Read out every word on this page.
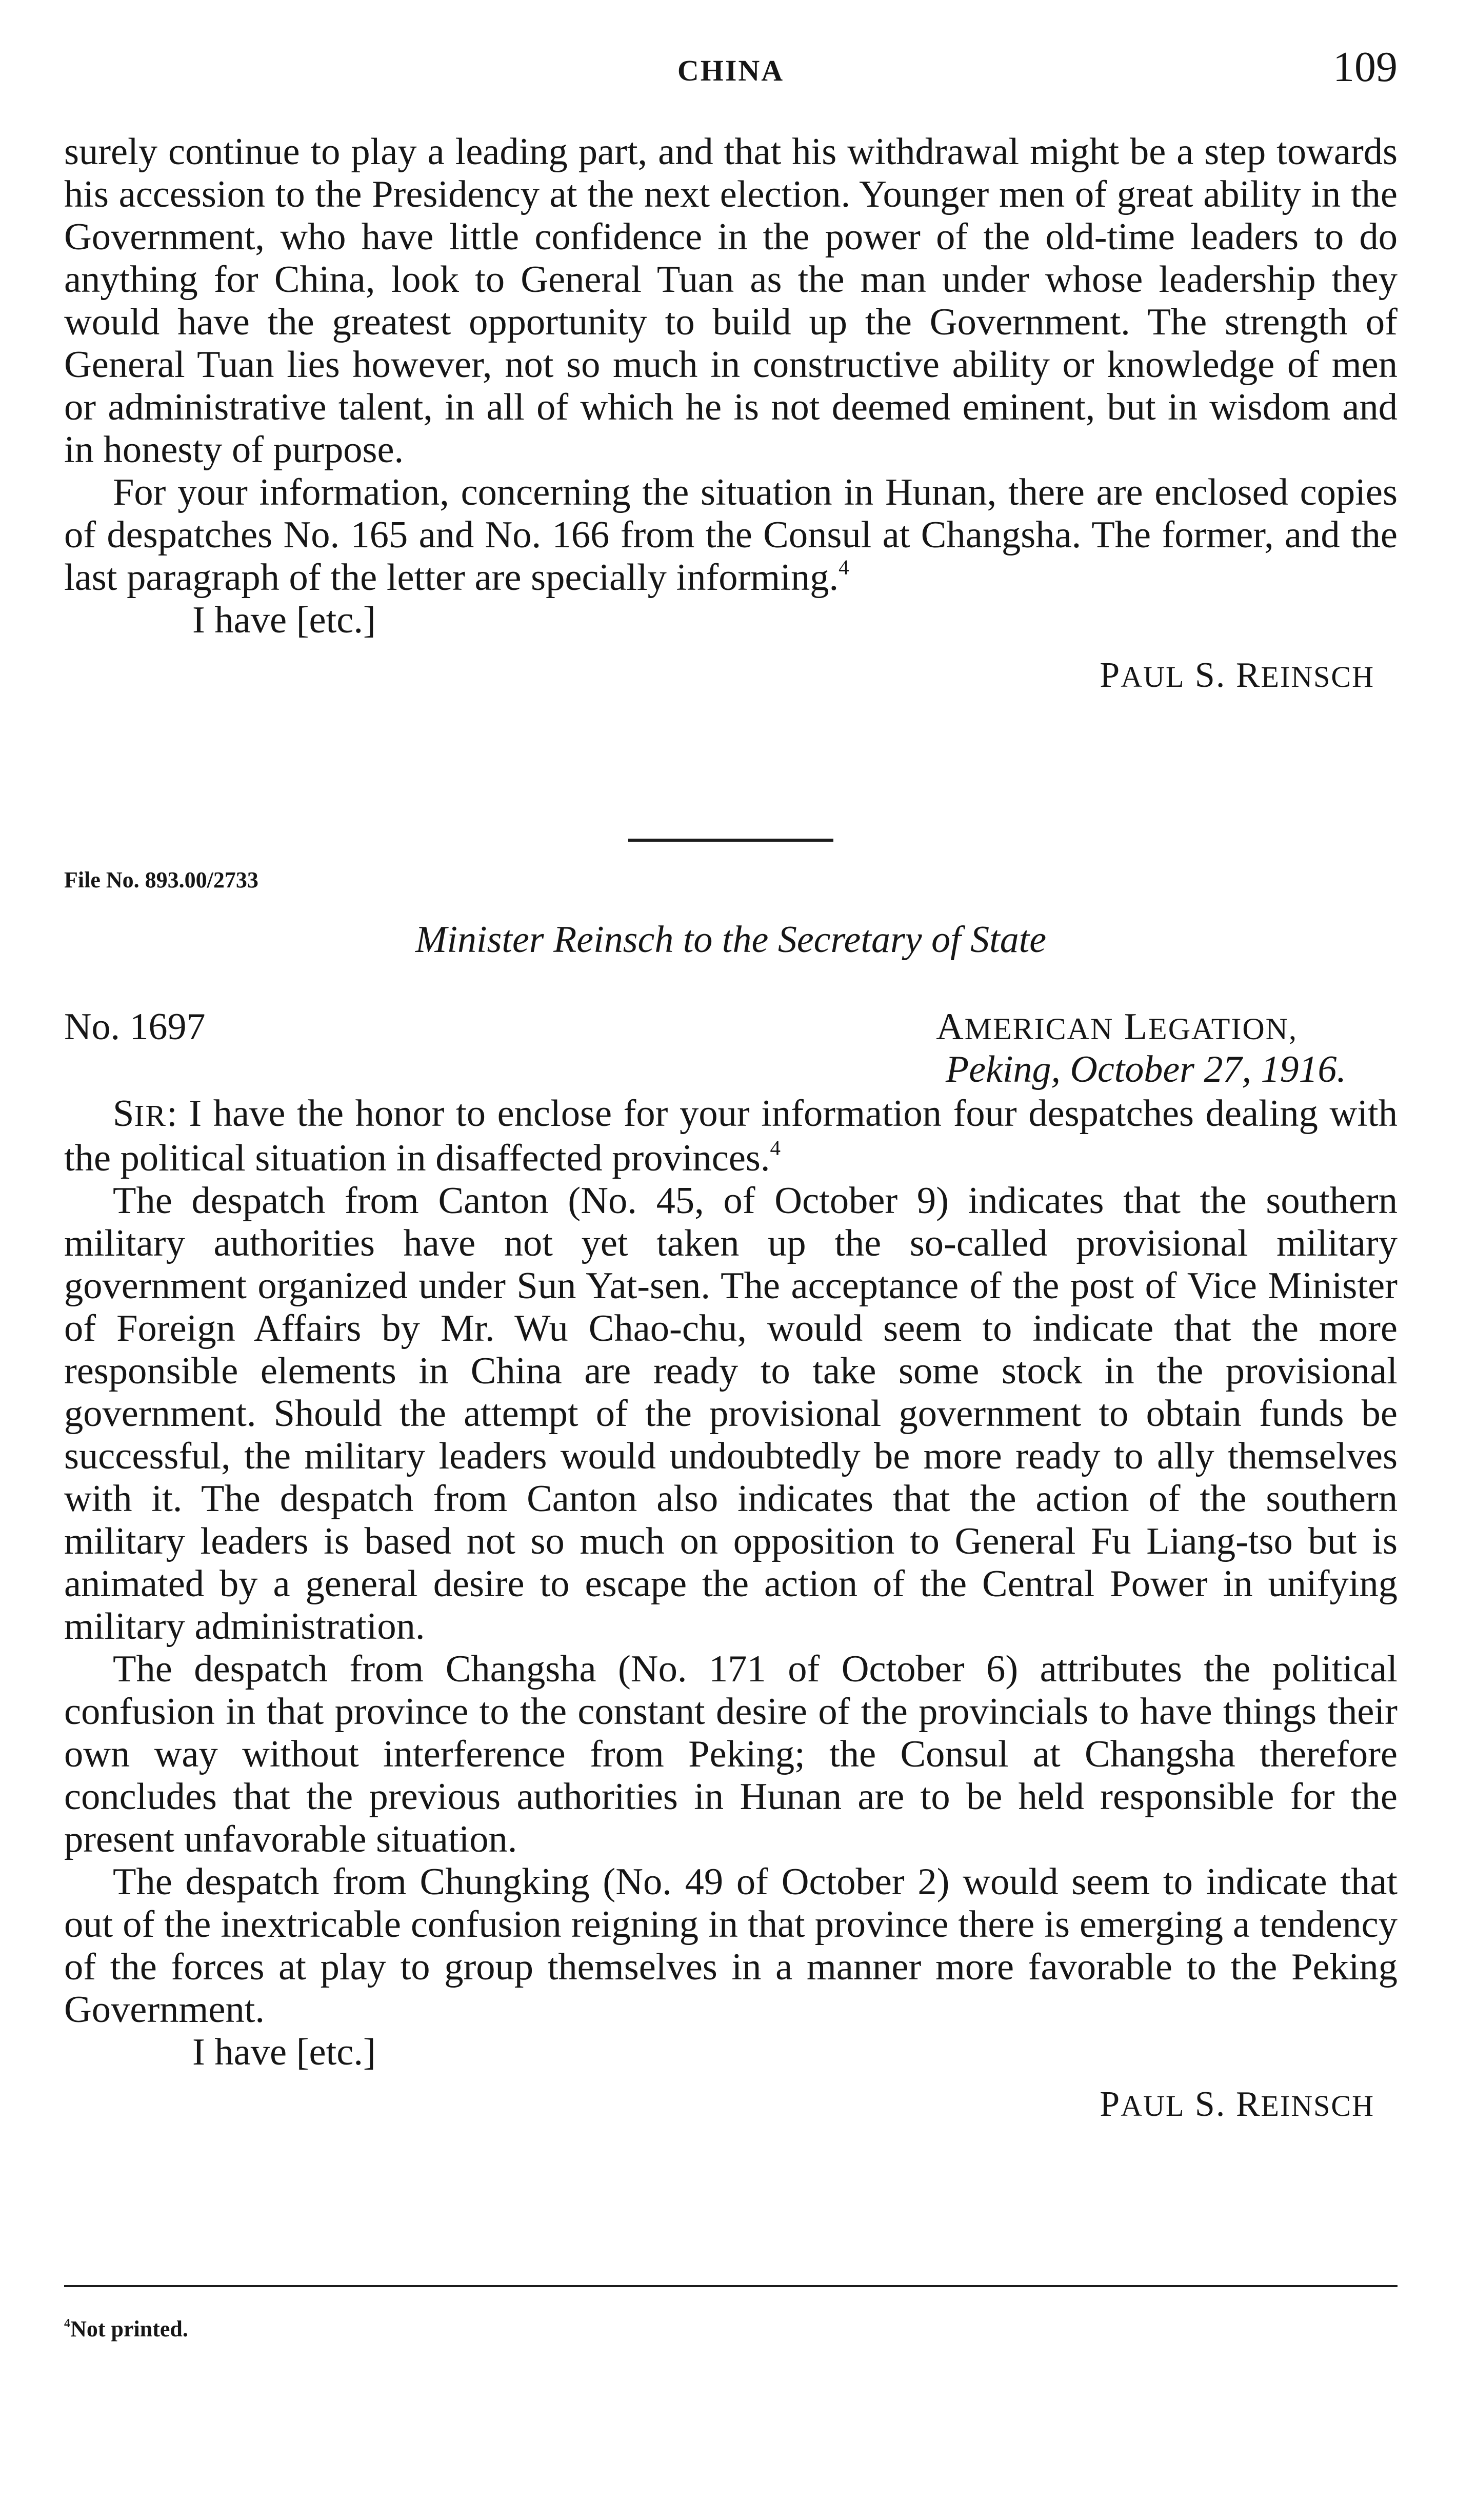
CHINA	109

surely continue to play a leading part, and that his withdrawal might be a step towards his accession to the Presidency at the next election. Younger men of great ability in the Government, who have little confidence in the power of the old-time leaders to do anything for China, look to General Tuan as the man under whose leadership they would have the greatest opportunity to build up the Government. The strength of General Tuan lies however, not so much in constructive ability or knowledge of men or administrative talent, in all of which he is not deemed eminent, but in wisdom and in honesty of purpose.

For your information, concerning the situation in Hunan, there are enclosed copies of despatches No. 165 and No. 166 from the Consul at Changsha. The former, and the last paragraph of the letter are specially informing.$^4$

I have [etc.]

PAUL S. REINSCH

File No. 893.00/2733
Minister Reinsch to the Secretary of State
No. 1697	AMERICAN LEGATION,
Peking, October 27, 1916.

SIR: I have the honor to enclose for your information four despatches dealing with the political situation in disaffected provinces.$^4$

The despatch from Canton (No. 45, of October 9) indicates that the southern military authorities have not yet taken up the so-called provisional military government organized under Sun Yat-sen. The acceptance of the post of Vice Minister of Foreign Affairs by Mr. Wu Chao-chu, would seem to indicate that the more responsible elements in China are ready to take some stock in the provisional government. Should the attempt of the provisional government to obtain funds be successful, the military leaders would undoubtedly be more ready to ally themselves with it. The despatch from Canton also indicates that the action of the southern military leaders is based not so much on opposition to General Fu Liang-tso but is animated by a general desire to escape the action of the Central Power in unifying military administration.

The despatch from Changsha (No. 171 of October 6) attributes the political confusion in that province to the constant desire of the provincials to have things their own way without interference from Peking; the Consul at Changsha therefore concludes that the previous authorities in Hunan are to be held responsible for the present unfavorable situation.

The despatch from Chungking (No. 49 of October 2) would seem to indicate that out of the inextricable confusion reigning in that province there is emerging a tendency of the forces at play to group themselves in a manner more favorable to the Peking Government.

I have [etc.]

PAUL S. REINSCH

$^4$Not printed.
